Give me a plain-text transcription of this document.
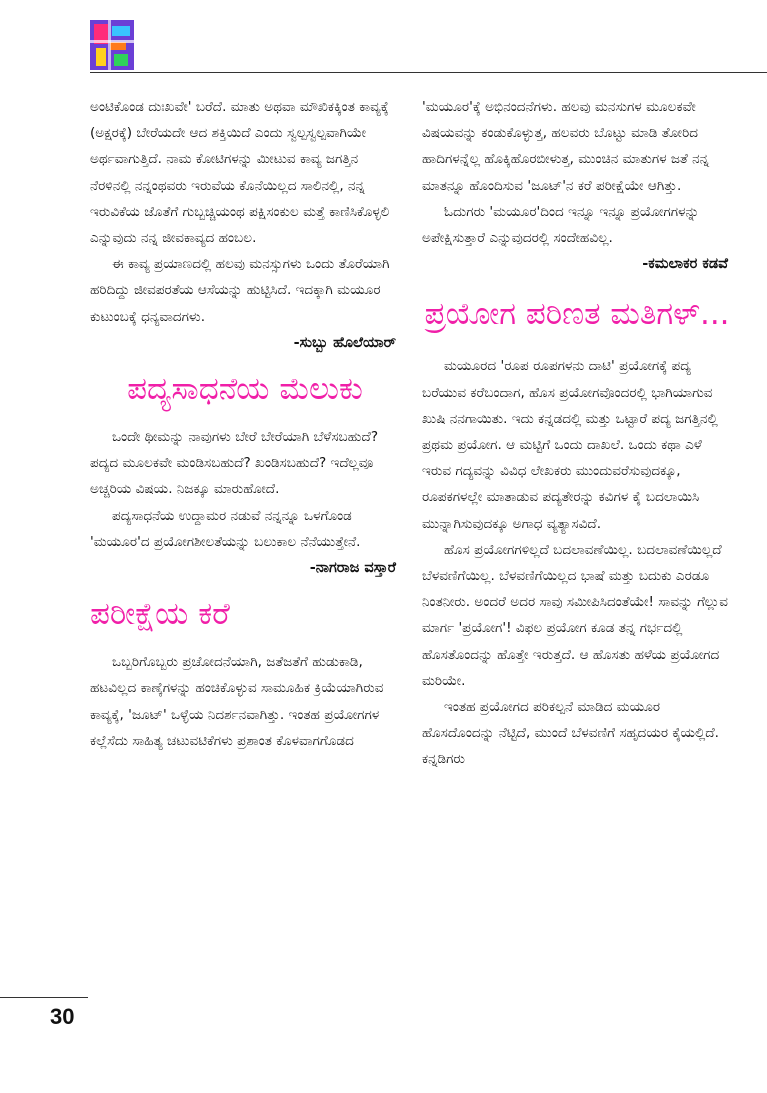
ಅಂಟಿಕೊಂಡ ದುಃಖವೇ' ಬರೆದೆ. ಮಾತು ಅಥವಾ ಮೌಖಿಕಕ್ಕಿಂತ ಕಾವ್ಯಕ್ಕೆ (ಅಕ್ಷರಕ್ಕೆ) ಬೇರೆಯದೇ ಆದ ಶಕ್ತಿಯಿದೆ ಎಂದು ಸ್ವಲ್ಪಸ್ವಲ್ಪವಾಗಿಯೇ ಅರ್ಥವಾಗುತ್ತಿದೆ. ನಾಮ ಕೋಟಿಗಳನ್ನು ಮೀಟುವ ಕಾವ್ಯ ಜಗತ್ತಿನ ನೆರಳಿನಲ್ಲಿ ನನ್ನಂಥವರು ಇರುವೆಯ ಕೊನೆಯಿಲ್ಲದ ಸಾಲಿನಲ್ಲಿ, ನನ್ನ ಇರುವಿಕೆಯ ಜೊತೆಗೆ ಗುಬ್ಬಚ್ಚಿಯಂಥ ಪಕ್ಷಿಸಂಕುಲ ಮತ್ತೆ ಕಾಣಿಸಿಕೊಳ್ಳಲಿ ಎನ್ನುವುದು ನನ್ನ ಜೀವಕಾವ್ಯದ ಹಂಬಲ.

ಈ ಕಾವ್ಯ ಪ್ರಯಾಣದಲ್ಲಿ ಹಲವು ಮನಸ್ಸುಗಳು ಒಂದು ತೊರೆಯಾಗಿ ಹರಿದಿದ್ದು ಜೀವಪರತೆಯ ಆಸೆಯನ್ನು ಹುಟ್ಟಿಸಿದೆ. ಇದಕ್ಕಾಗಿ ಮಯೂರ ಕುಟುಂಬಕ್ಕೆ ಧನ್ಯವಾದಗಳು.

-ಸುಬ್ಬು ಹೊಲೆಯಾರ್

ಪದ್ಯಸಾಧನೆಯ ಮೆಲುಕು

ಒಂದೇ ಥೀಮನ್ನು ನಾವುಗಳು ಬೇರೆ ಬೇರೆಯಾಗಿ ಬೆಳೆಸಬಹುದೆ? ಪದ್ಯದ ಮೂಲಕವೇ ಮಂಡಿಸಬಹುದೆ? ಖಂಡಿಸಬಹುದೆ? ಇದೆಲ್ಲವೂ ಅಚ್ಚರಿಯ ವಿಷಯ. ನಿಜಕ್ಕೂ ಮಾರುಹೋದೆ.

ಪದ್ಯಸಾಧನೆಯ ಉದ್ದಾಮರ ನಡುವೆ ನನ್ನನ್ನೂ ಒಳಗೊಂಡ 'ಮಯೂರ'ದ ಪ್ರಯೋಗಶೀಲತೆಯನ್ನು ಬಲುಕಾಲ ನೆನೆಯುತ್ತೇನೆ.

-ನಾಗರಾಜ ವಸ್ತಾರೆ

ಪರೀಕ್ಷೆಯ ಕರೆ

ಒಬ್ಬರಿಗೊಬ್ಬರು ಪ್ರಚೋದನೆಯಾಗಿ, ಜತೆಜತೆಗೆ ಹುಡುಕಾಡಿ, ಹಟವಿಲ್ಲದ ಕಾಣ್ಕೆಗಳನ್ನು ಹಂಚಿಕೊಳ್ಳುವ ಸಾಮೂಹಿಕ ಕ್ರಿಯೆಯಾಗಿರುವ ಕಾವ್ಯಕ್ಕೆ, 'ಜೂಟ್' ಒಳ್ಳೆಯ ನಿದರ್ಶನವಾಗಿತ್ತು. ಇಂತಹ ಪ್ರಯೋಗಗಳ ಕಲ್ಲೆಸೆದು ಸಾಹಿತ್ಯ ಚಟುವಟಿಕೆಗಳು ಪ್ರಶಾಂತ ಕೊಳವಾಗಗೊಡದ

'ಮಯೂರ'ಕ್ಕೆ ಅಭಿನಂದನೆಗಳು. ಹಲವು ಮನಸುಗಳ ಮೂಲಕವೇ ವಿಷಯವನ್ನು ಕಂಡುಕೊಳ್ಳುತ್ತ, ಹಲವರು ಬೊಟ್ಟು ಮಾಡಿ ತೋರಿದ ಹಾದಿಗಳನ್ನೆಲ್ಲ ಹೊಕ್ಕಿಹೊರಬೀಳುತ್ತ, ಮುಂಚಿನ ಮಾತುಗಳ ಜತೆ ನನ್ನ ಮಾತನ್ನೂ ಹೊಂದಿಸುವ 'ಜೂಟ್'ನ ಕರೆ ಪರೀಕ್ಷೆಯೇ ಆಗಿತ್ತು.

ಓದುಗರು 'ಮಯೂರ'ದಿಂದ ಇನ್ನೂ ಇನ್ನೂ ಪ್ರಯೋಗಗಳನ್ನು ಅಪೇಕ್ಷಿಸುತ್ತಾರೆ ಎನ್ನುವುದರಲ್ಲಿ ಸಂದೇಹವಿಲ್ಲ.

-ಕಮಲಾಕರ ಕಡವೆ

ಪ್ರಯೋಗ ಪರಿಣತ ಮತಿಗಳ್...

ಮಯೂರದ 'ರೂಪ ರೂಪಗಳನು ದಾಟಿ' ಪ್ರಯೋಗಕ್ಕೆ ಪದ್ಯ ಬರೆಯುವ ಕರೆಬಂದಾಗ, ಹೊಸ ಪ್ರಯೋಗವೊಂದರಲ್ಲಿ ಭಾಗಿಯಾಗುವ ಖುಷಿ ನನಗಾಯಿತು. ಇದು ಕನ್ನಡದಲ್ಲಿ ಮತ್ತು ಒಟ್ಟಾರೆ ಪದ್ಯ ಜಗತ್ತಿನಲ್ಲಿ ಪ್ರಥಮ ಪ್ರಯೋಗ. ಆ ಮಟ್ಟಿಗೆ ಒಂದು ದಾಖಲೆ. ಒಂದು ಕಥಾ ಎಳೆ ಇರುವ ಗದ್ಯವನ್ನು ವಿವಿಧ ಲೇಖಕರು ಮುಂದುವರೆಸುವುದಕ್ಕೂ, ರೂಪಕಗಳಲ್ಲೇ ಮಾತಾಡುವ ಪದ್ಯತೇರನ್ನು ಕವಿಗಳ ಕೈ ಬದಲಾಯಿಸಿ ಮುನ್ನಾಗಿಸುವುದಕ್ಕೂ ಅಗಾಧ ವ್ಯತ್ಯಾಸವಿದೆ.

ಹೊಸ ಪ್ರಯೋಗಗಳಿಲ್ಲದೆ ಬದಲಾವಣೆಯಿಲ್ಲ. ಬದಲಾವಣೆಯಿಲ್ಲದೆ ಬೆಳವಣಿಗೆಯಿಲ್ಲ. ಬೆಳವಣಿಗೆಯಿಲ್ಲದ ಭಾಷೆ ಮತ್ತು ಬದುಕು ಎರಡೂ ನಿಂತನೀರು. ಅಂದರೆ ಅದರ ಸಾವು ಸಮೀಪಿಸಿದಂತೆಯೇ! ಸಾವನ್ನು ಗೆಲ್ಲುವ ಮಾರ್ಗ 'ಪ್ರಯೋಗ'! ವಿಫಲ ಪ್ರಯೋಗ ಕೂಡ ತನ್ನ ಗರ್ಭದಲ್ಲಿ ಹೊಸತೊಂದನ್ನು ಹೊತ್ತೇ ಇರುತ್ತದೆ. ಆ ಹೊಸತು ಹಳೆಯ ಪ್ರಯೋಗದ ಮರಿಯೇ.

ಇಂತಹ ಪ್ರಯೋಗದ ಪರಿಕಲ್ಪನೆ ಮಾಡಿದ ಮಯೂರ ಹೊಸದೊಂದನ್ನು ನೆಟ್ಟಿದೆ, ಮುಂದೆ ಬೆಳವಣಿಗೆ ಸಹೃದಯರ ಕೈಯಲ್ಲಿದೆ. ಕನ್ನಡಿಗರು

30
